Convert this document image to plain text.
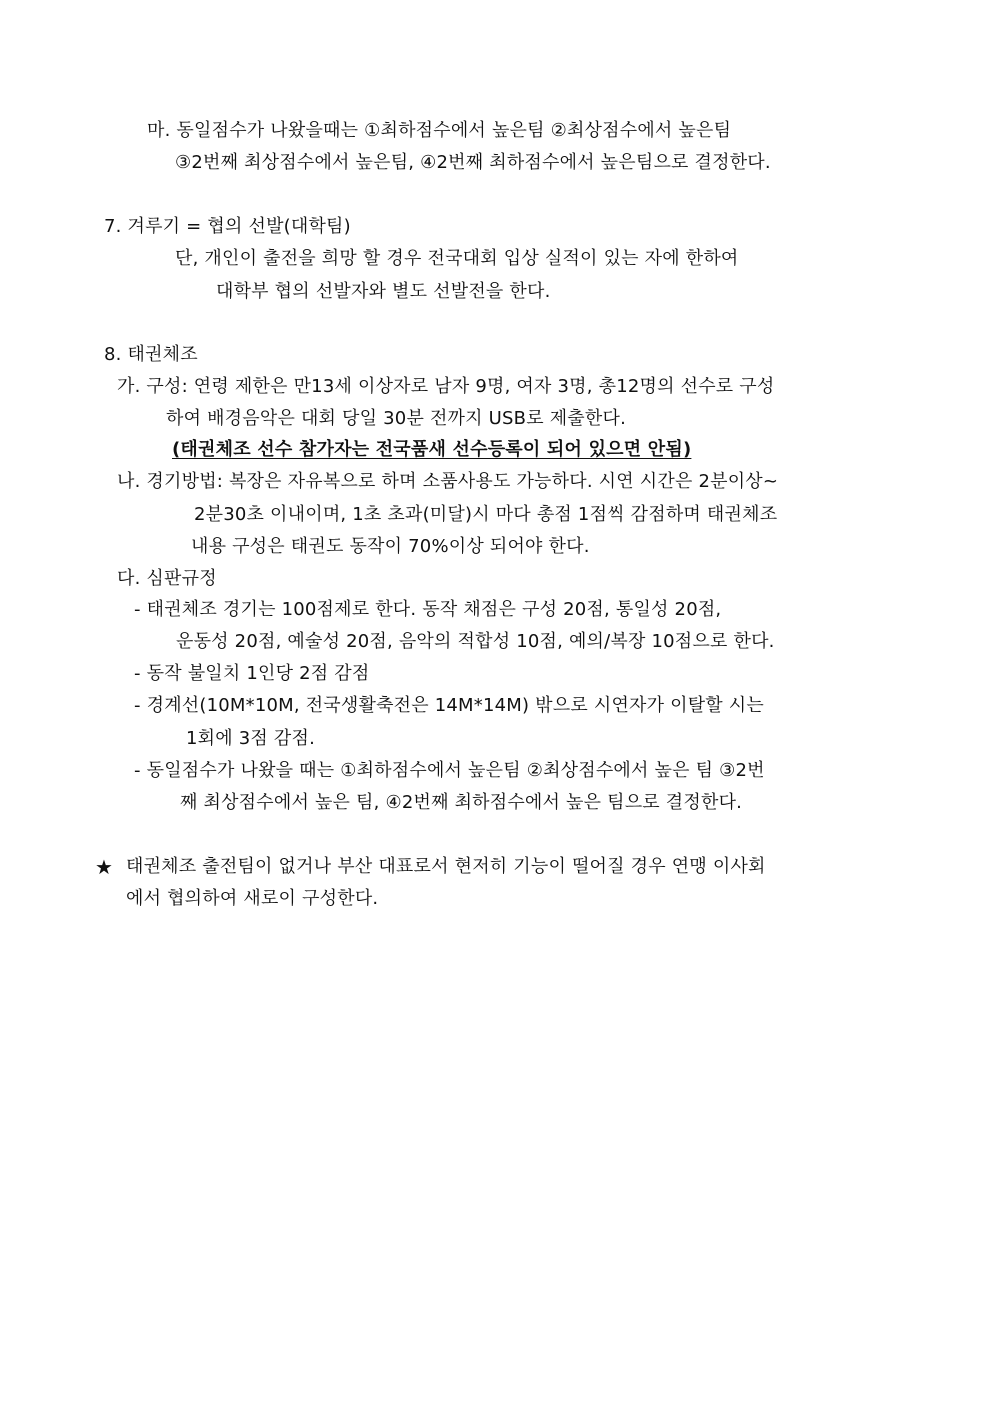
마. 동일점수가 나왔을때는 ①최하점수에서 높은팀 ②최상점수에서 높은팀
③2번째 최상점수에서 높은팀, ④2번째 최하점수에서 높은팀으로 결정한다.
7. 겨루기 = 협의 선발(대학팀)
단, 개인이 출전을 희망 할 경우 전국대회 입상 실적이 있는 자에 한하여
대학부 협의 선발자와 별도 선발전을 한다.
8. 태권체조
가. 구성: 연령 제한은 만13세 이상자로 남자 9명, 여자 3명, 총12명의 선수로 구성
하여 배경음악은 대회 당일 30분 전까지 USB로 제출한다.
(태권체조 선수 참가자는 전국품새 선수등록이 되어 있으면 안됨)
나. 경기방법: 복장은 자유복으로 하며 소품사용도 가능하다. 시연 시간은 2분이상~
2분30초 이내이며, 1초 초과(미달)시 마다 총점 1점씩 감점하며 태권체조
내용 구성은 태권도 동작이 70%이상 되어야 한다.
다. 심판규정
- 태권체조 경기는 100점제로 한다. 동작 채점은 구성 20점, 통일성 20점,
운동성 20점, 예술성 20점, 음악의 적합성 10점, 예의/복장 10점으로 한다.
- 동작 불일치 1인당 2점 감점
- 경계선(10M*10M, 전국생활축전은 14M*14M) 밖으로 시연자가 이탈할 시는
1회에 3점 감점.
- 동일점수가 나왔을 때는 ①최하점수에서 높은팀 ②최상점수에서 높은 팀 ③2번
째 최상점수에서 높은 팀, ④2번째 최하점수에서 높은 팀으로 결정한다.
★ 태권체조 출전팀이 없거나 부산 대표로서 현저히 기능이 떨어질 경우 연맹 이사회
에서 협의하여 새로이 구성한다.
